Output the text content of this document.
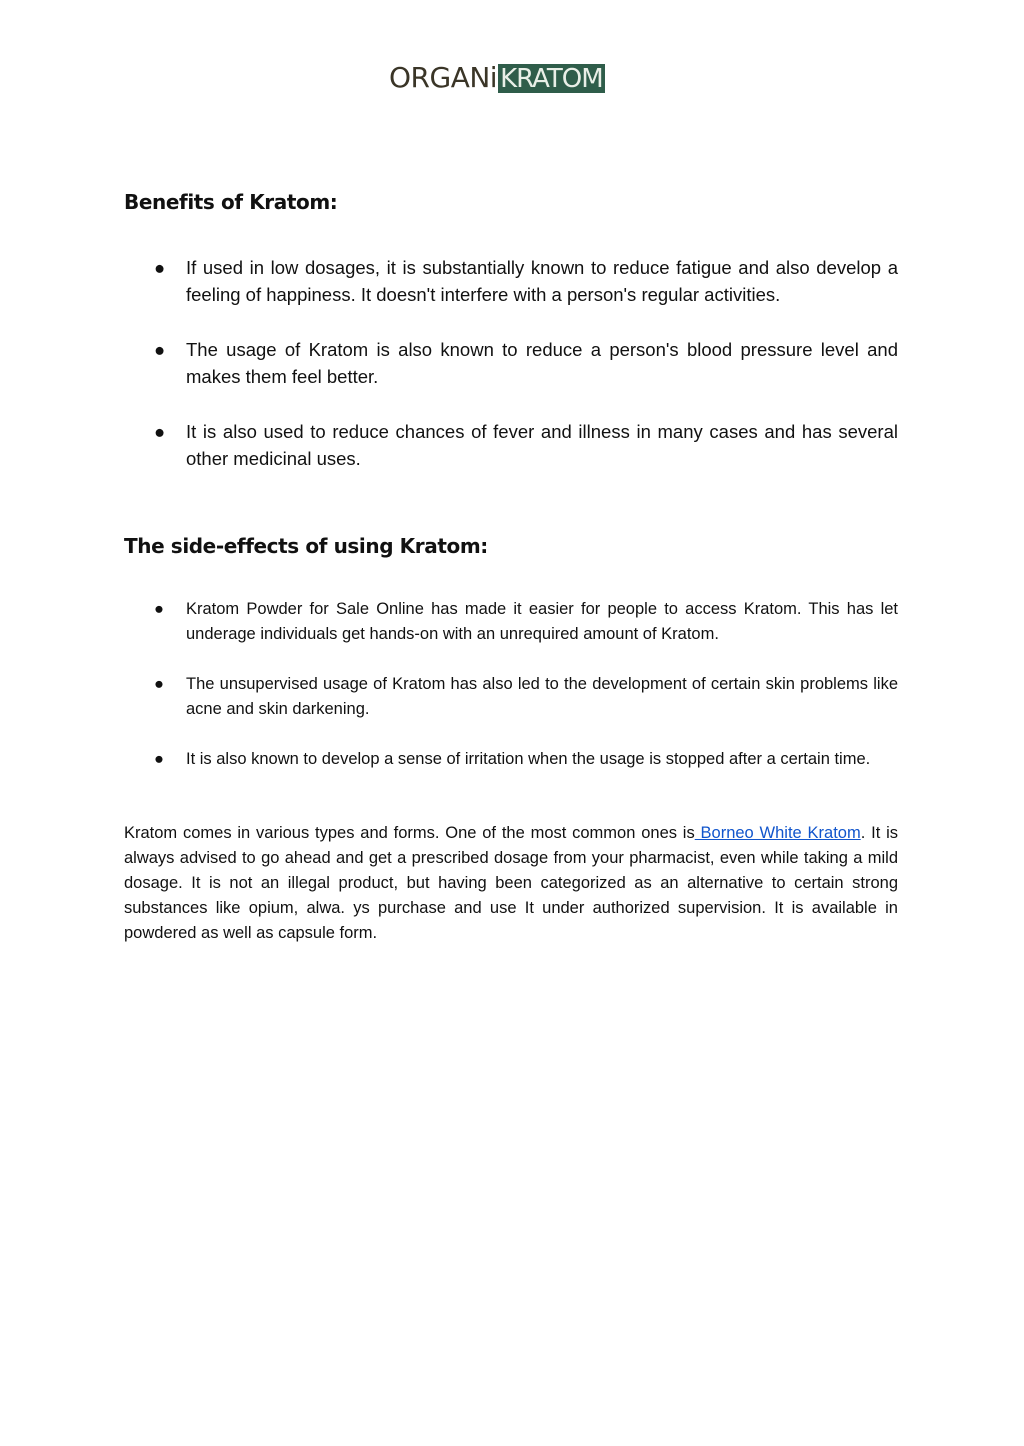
ORGANi KRATOM
Benefits of Kratom:
● If used in low dosages, it is substantially known to reduce fatigue and also develop a feeling of happiness. It doesn't interfere with a person's regular activities.
● The usage of Kratom is also known to reduce a person's blood pressure level and makes them feel better.
● It is also used to reduce chances of fever and illness in many cases and has several other medicinal uses.
The side-effects of using Kratom:
● Kratom Powder for Sale Online has made it easier for people to access Kratom. This has let underage individuals get hands-on with an unrequired amount of Kratom.
● The unsupervised usage of Kratom has also led to the development of certain skin problems like acne and skin darkening.
● It is also known to develop a sense of irritation when the usage is stopped after a certain time.

Kratom comes in various types and forms. One of the most common ones is Borneo White Kratom. It is always advised to go ahead and get a prescribed dosage from your pharmacist, even while taking a mild dosage. It is not an illegal product, but having been categorized as an alternative to certain strong substances like opium, alwa. ys purchase and use It under authorized supervision. It is available in powdered as well as capsule form.
